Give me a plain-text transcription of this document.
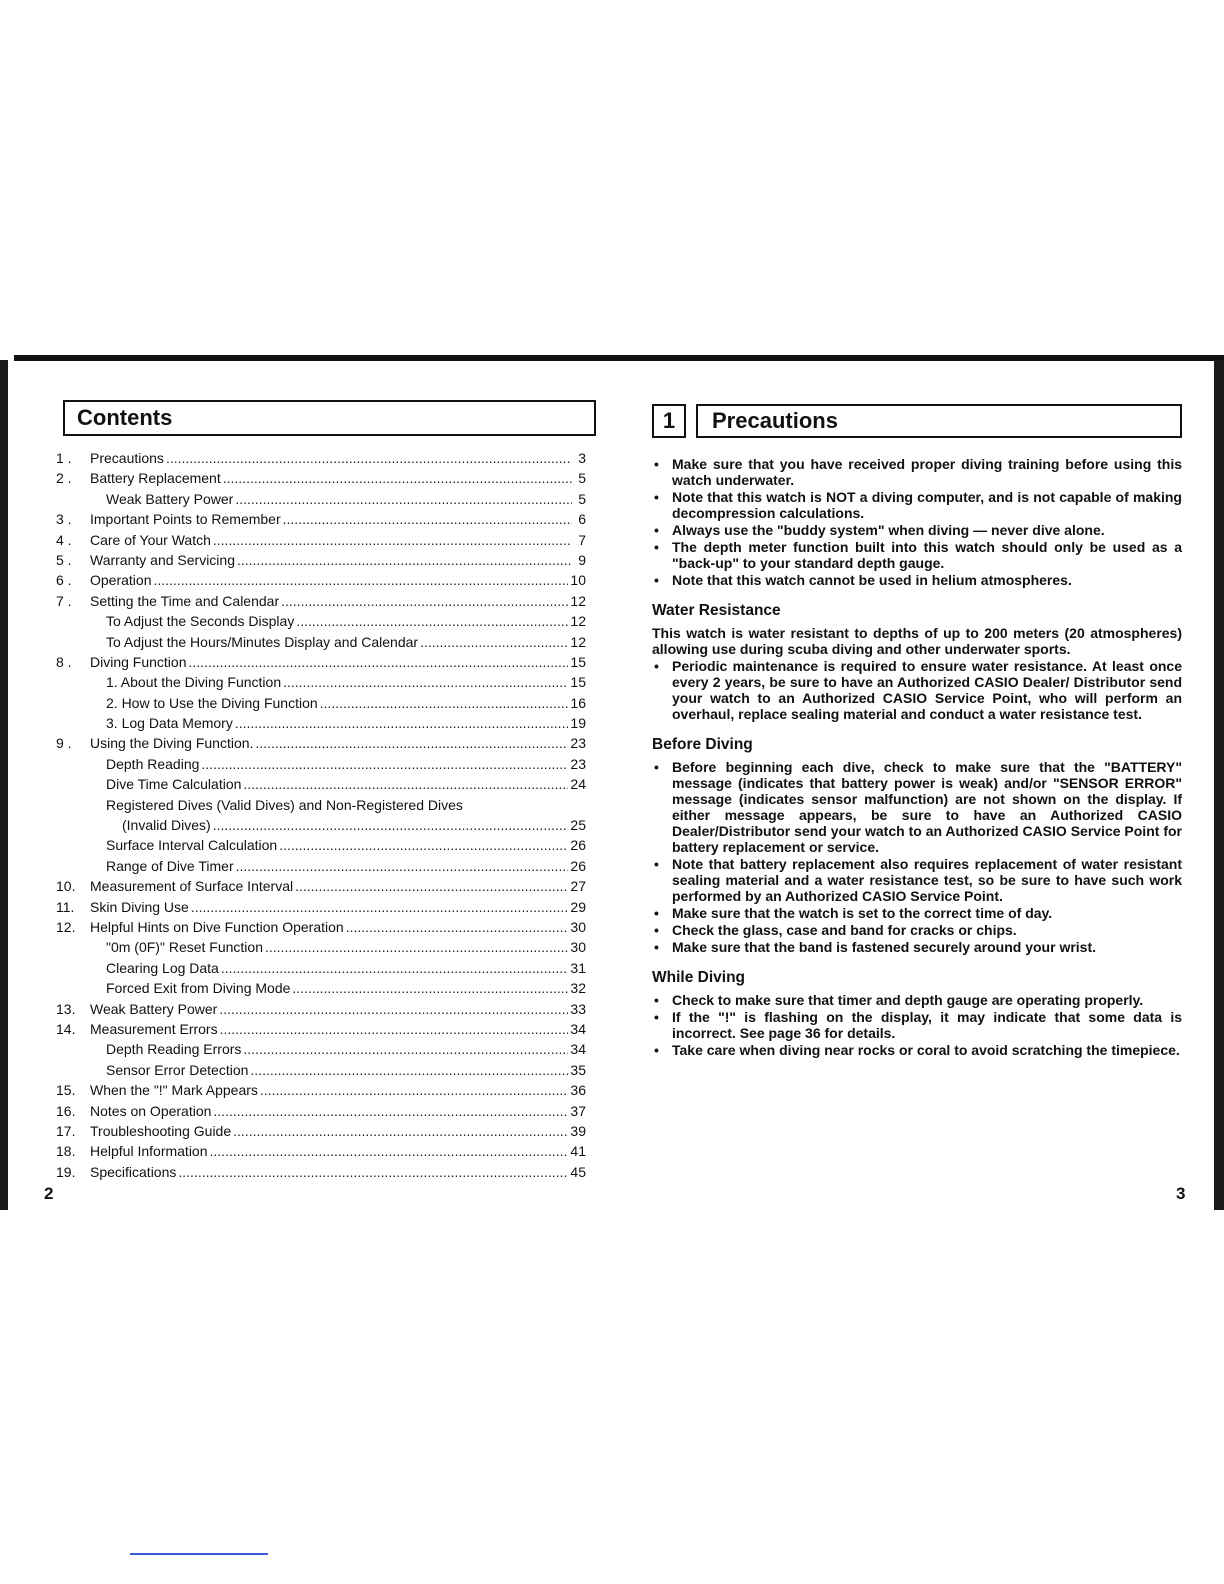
Contents
1 .	Precautions .....	3
2 .	Battery Replacement .....	5
Weak Battery Power .....	5
3 .	Important Points to Remember .....	6
4 .	Care of Your Watch .....	7
5 .	Warranty and Servicing .....	9
6 .	Operation .....	10
7 .	Setting the Time and Calendar .....	12
To Adjust the Seconds Display .....	12
To Adjust the Hours/Minutes Display and Calendar .....	12
8 .	Diving Function .....	15
1. About the Diving Function .....	15
2. How to Use the Diving Function .....	16
3. Log Data Memory .....	19
9 .	Using the Diving Function. .....	23
Depth Reading .....	23
Dive Time Calculation .....	24
Registered Dives (Valid Dives) and Non-Registered Dives
(Invalid Dives) .....	25
Surface Interval Calculation .....	26
Range of Dive Timer .....	26
10.	Measurement of Surface Interval .....	27
11.	Skin Diving Use .....	29
12.	Helpful Hints on Dive Function Operation .....	30
"0m (0F)" Reset Function .....	30
Clearing Log Data .....	31
Forced Exit from Diving Mode .....	32
13.	Weak Battery Power .....	33
14.	Measurement Errors .....	34
Depth Reading Errors .....	34
Sensor Error Detection .....	35
15.	When the "!" Mark Appears .....	36
16.	Notes on Operation .....	37
17.	Troubleshooting Guide .....	39
18.	Helpful Information .....	41
19.	Specifications .....	45
2
1	Precautions
• Make sure that you have received proper diving training before using this watch underwater.
• Note that this watch is NOT a diving computer, and is not capable of making decompression calculations.
• Always use the "buddy system" when diving — never dive alone.
• The depth meter function built into this watch should only be used as a "back-up" to your standard depth gauge.
• Note that this watch cannot be used in helium atmospheres.
Water Resistance
This watch is water resistant to depths of up to 200 meters (20 atmospheres) allowing use during scuba diving and other underwater sports.
• Periodic maintenance is required to ensure water resistance. At least once every 2 years, be sure to have an Authorized CASIO Dealer/ Distributor send your watch to an Authorized CASIO Service Point, who will perform an overhaul, replace sealing material and conduct a water resistance test.
Before Diving
• Before beginning each dive, check to make sure that the "BATTERY" message (indicates that battery power is weak) and/or "SENSOR ERROR" message (indicates sensor malfunction) are not shown on the display. If either message appears, be sure to have an Authorized CASIO Dealer/Distributor send your watch to an Authorized CASIO Service Point for battery replacement or service.
• Note that battery replacement also requires replacement of water resistant sealing material and a water resistance test, so be sure to have such work performed by an Authorized CASIO Service Point.
• Make sure that the watch is set to the correct time of day.
• Check the glass, case and band for cracks or chips.
• Make sure that the band is fastened securely around your wrist.
While Diving
• Check to make sure that timer and depth gauge are operating properly.
• If the "!" is flashing on the display, it may indicate that some data is incorrect. See page 36 for details.
• Take care when diving near rocks or coral to avoid scratching the timepiece.
3
